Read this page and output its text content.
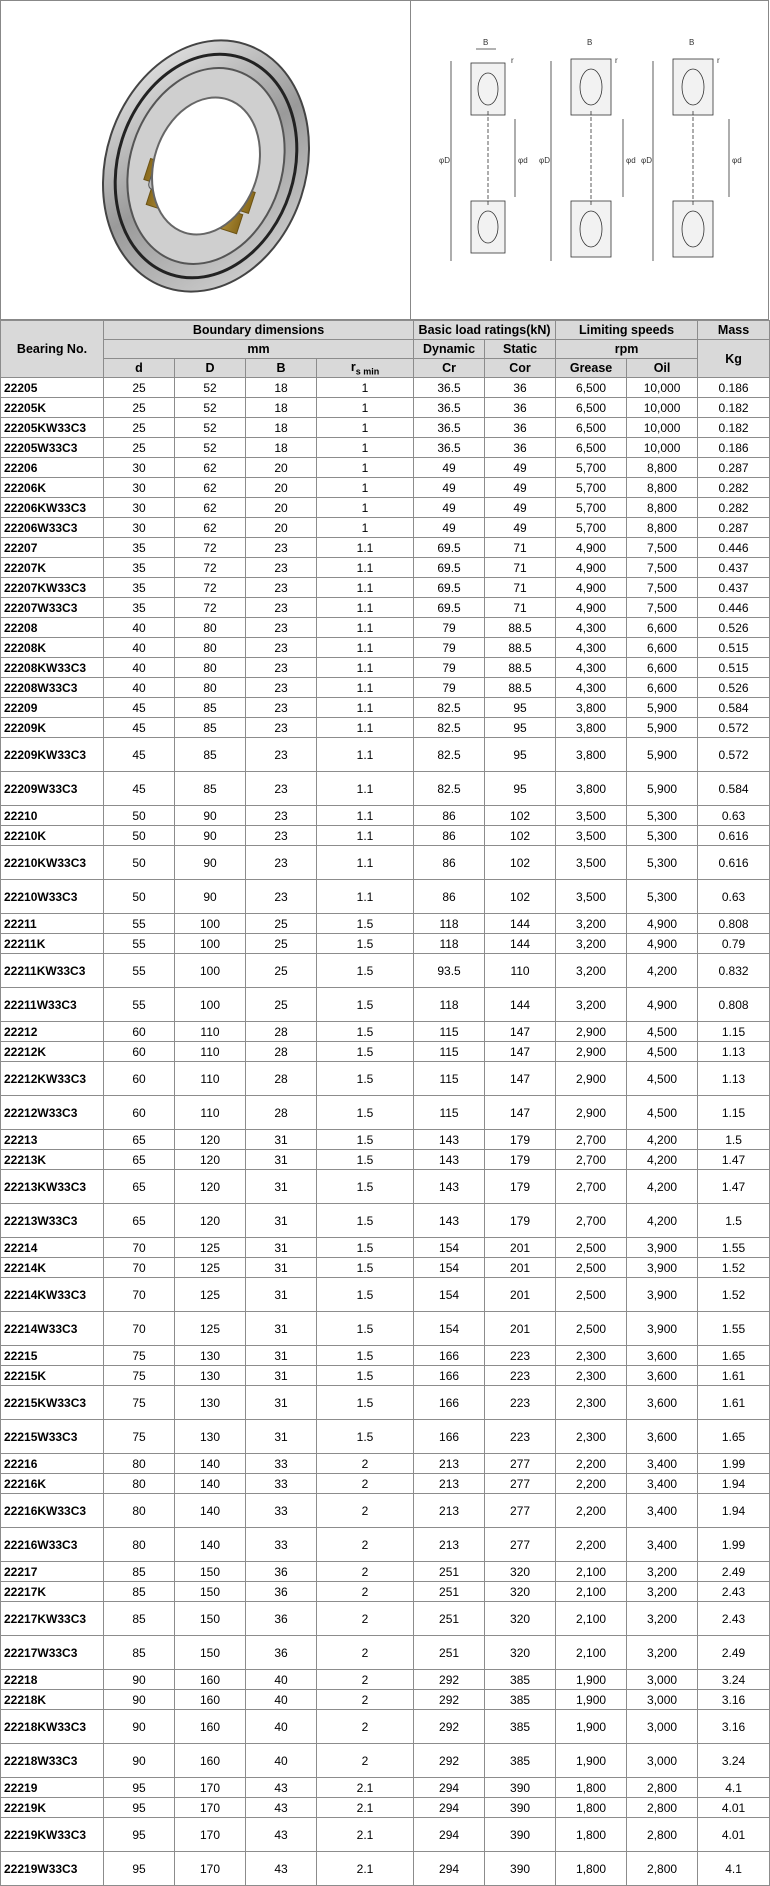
B
r
φD	φd
B
r
φD	φd
B
r
φD	φd
Bearing No.	Boundary dimensions				Basic load ratings(kN)		Limiting speeds		Mass
	mm				Dynamic	Static	rpm		Kg
	d	D	B	$r_{s min}$	Cr	Cor	Grease	Oil	
22205	25	52	18	1	36.5	36	6,500	10,000	0.186
22205K	25	52	18	1	36.5	36	6,500	10,000	0.182
22205KW33C3	25	52	18	1	36.5	36	6,500	10,000	0.182
22205W33C3	25	52	18	1	36.5	36	6,500	10,000	0.186
22206	30	62	20	1	49	49	5,700	8,800	0.287
22206K	30	62	20	1	49	49	5,700	8,800	0.282
22206KW33C3	30	62	20	1	49	49	5,700	8,800	0.282
22206W33C3	30	62	20	1	49	49	5,700	8,800	0.287
22207	35	72	23	1.1	69.5	71	4,900	7,500	0.446
22207K	35	72	23	1.1	69.5	71	4,900	7,500	0.437
22207KW33C3	35	72	23	1.1	69.5	71	4,900	7,500	0.437
22207W33C3	35	72	23	1.1	69.5	71	4,900	7,500	0.446
22208	40	80	23	1.1	79	88.5	4,300	6,600	0.526
22208K	40	80	23	1.1	79	88.5	4,300	6,600	0.515
22208KW33C3	40	80	23	1.1	79	88.5	4,300	6,600	0.515
22208W33C3	40	80	23	1.1	79	88.5	4,300	6,600	0.526
22209	45	85	23	1.1	82.5	95	3,800	5,900	0.584
22209K	45	85	23	1.1	82.5	95	3,800	5,900	0.572
22209KW33C3	45	85	23	1.1	82.5	95	3,800	5,900	0.572
22209W33C3	45	85	23	1.1	82.5	95	3,800	5,900	0.584
22210	50	90	23	1.1	86	102	3,500	5,300	0.63
22210K	50	90	23	1.1	86	102	3,500	5,300	0.616
22210KW33C3	50	90	23	1.1	86	102	3,500	5,300	0.616
22210W33C3	50	90	23	1.1	86	102	3,500	5,300	0.63
22211	55	100	25	1.5	118	144	3,200	4,900	0.808
22211K	55	100	25	1.5	118	144	3,200	4,900	0.79
22211KW33C3	55	100	25	1.5	93.5	110	3,200	4,200	0.832
22211W33C3	55	100	25	1.5	118	144	3,200	4,900	0.808
22212	60	110	28	1.5	115	147	2,900	4,500	1.15
22212K	60	110	28	1.5	115	147	2,900	4,500	1.13
22212KW33C3	60	110	28	1.5	115	147	2,900	4,500	1.13
22212W33C3	60	110	28	1.5	115	147	2,900	4,500	1.15
22213	65	120	31	1.5	143	179	2,700	4,200	1.5
22213K	65	120	31	1.5	143	179	2,700	4,200	1.47
22213KW33C3	65	120	31	1.5	143	179	2,700	4,200	1.47
22213W33C3	65	120	31	1.5	143	179	2,700	4,200	1.5
22214	70	125	31	1.5	154	201	2,500	3,900	1.55
22214K	70	125	31	1.5	154	201	2,500	3,900	1.52
22214KW33C3	70	125	31	1.5	154	201	2,500	3,900	1.52
22214W33C3	70	125	31	1.5	154	201	2,500	3,900	1.55
22215	75	130	31	1.5	166	223	2,300	3,600	1.65
22215K	75	130	31	1.5	166	223	2,300	3,600	1.61
22215KW33C3	75	130	31	1.5	166	223	2,300	3,600	1.61
22215W33C3	75	130	31	1.5	166	223	2,300	3,600	1.65
22216	80	140	33	2	213	277	2,200	3,400	1.99
22216K	80	140	33	2	213	277	2,200	3,400	1.94
22216KW33C3	80	140	33	2	213	277	2,200	3,400	1.94
22216W33C3	80	140	33	2	213	277	2,200	3,400	1.99
22217	85	150	36	2	251	320	2,100	3,200	2.49
22217K	85	150	36	2	251	320	2,100	3,200	2.43
22217KW33C3	85	150	36	2	251	320	2,100	3,200	2.43
22217W33C3	85	150	36	2	251	320	2,100	3,200	2.49
22218	90	160	40	2	292	385	1,900	3,000	3.24
22218K	90	160	40	2	292	385	1,900	3,000	3.16
22218KW33C3	90	160	40	2	292	385	1,900	3,000	3.16
22218W33C3	90	160	40	2	292	385	1,900	3,000	3.24
22219	95	170	43	2.1	294	390	1,800	2,800	4.1
22219K	95	170	43	2.1	294	390	1,800	2,800	4.01
22219KW33C3	95	170	43	2.1	294	390	1,800	2,800	4.01
22219W33C3	95	170	43	2.1	294	390	1,800	2,800	4.1
